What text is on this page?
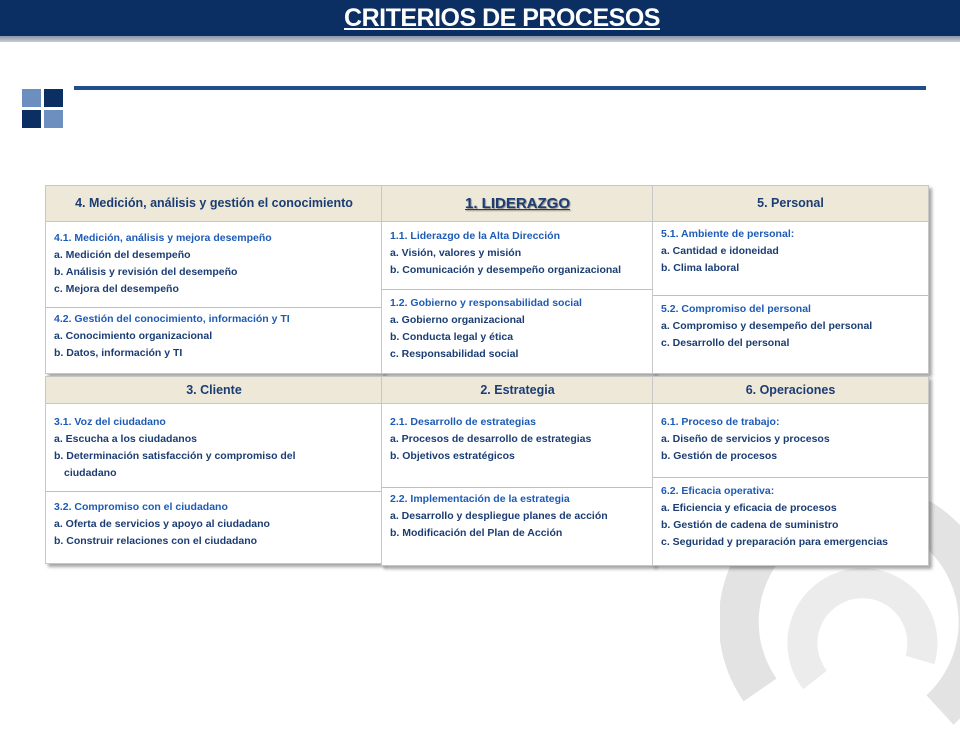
CRITERIOS DE PROCESOS
4. Medición, análisis y gestión el conocimiento
4.1. Medición, análisis y mejora desempeño
a. Medición del desempeño
b. Análisis y revisión del desempeño
c. Mejora del desempeño
4.2. Gestión del conocimiento, información y TI
a. Conocimiento organizacional
b. Datos, información y TI
1. LIDERAZGO
1.1. Liderazgo de la Alta Dirección
a. Visión, valores y misión
b. Comunicación y desempeño organizacional
1.2. Gobierno y responsabilidad social
a. Gobierno organizacional
b. Conducta legal y ética
c. Responsabilidad social
5. Personal
5.1. Ambiente de personal:
a. Cantidad e idoneidad
b. Clima laboral
5.2. Compromiso del personal
a. Compromiso y desempeño del personal
c. Desarrollo del personal
3. Cliente
3.1. Voz del ciudadano
a. Escucha a los ciudadanos
b. Determinación satisfacción y compromiso del
ciudadano
3.2. Compromiso con el ciudadano
a. Oferta de servicios y apoyo al ciudadano
b. Construir relaciones con el ciudadano
2. Estrategia
2.1. Desarrollo de estrategias
a. Procesos de desarrollo de estrategias
b. Objetivos estratégicos
2.2. Implementación de la estrategia
a. Desarrollo y despliegue planes de acción
b. Modificación del Plan de Acción
6. Operaciones
6.1. Proceso de trabajo:
a. Diseño de servicios y procesos
b. Gestión de procesos
6.2. Eficacia operativa:
a. Eficiencia y eficacia de procesos
b. Gestión de cadena de suministro
c. Seguridad y preparación para emergencias
